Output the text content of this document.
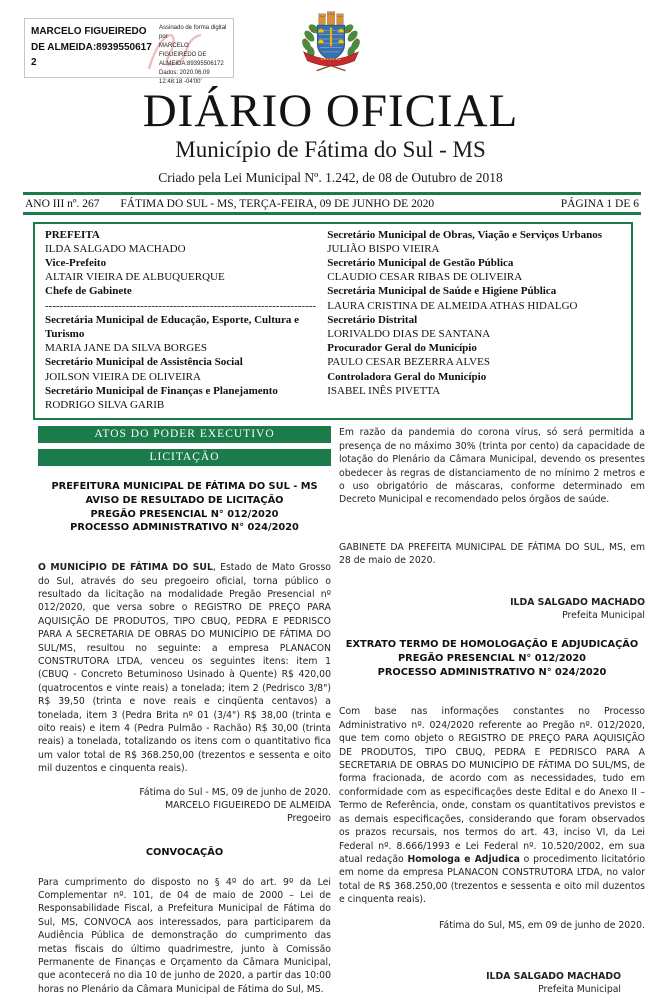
MARCELO FIGUEIREDO DE ALMEIDA:89395506172
Assinado de forma digital por
MARCELO FIGUEIREDO DE
ALMEIDA:89395506172
Dados: 2020.06.09 12:48:18 -04'00'
DIÁRIO OFICIAL
Município de Fátima do Sul - MS
Criado pela Lei Municipal Nº. 1.242, de 08 de Outubro de 2018
ANO III nº. 267 FÁTIMA DO SUL - MS, TERÇA-FEIRA, 09 DE JUNHO DE 2020	PÁGINA 1 DE 6
PREFEITA
ILDA SALGADO MACHADO
Vice-Prefeito
ALTAIR VIEIRA DE ALBUQUERQUE
Chefe de Gabinete
--------------------------------------------------------------------------
Secretária Municipal de Educação, Esporte, Cultura e Turismo
MARIA JANE DA SILVA BORGES
Secretário Municipal de Assistência Social
JOILSON VIEIRA DE OLIVEIRA
Secretário Municipal de Finanças e Planejamento
RODRIGO SILVA GARIB
Secretário Municipal de Obras, Viação e Serviços Urbanos
JULIÃO BISPO VIEIRA
Secretário Municipal de Gestão Pública
CLAUDIO CESAR RIBAS DE OLIVEIRA
Secretária Municipal de Saúde e Higiene Pública
LAURA CRISTINA DE ALMEIDA ATHAS HIDALGO
Secretário Distrital
LORIVALDO DIAS DE SANTANA
Procurador Geral do Município
PAULO CESAR BEZERRA ALVES
Controladora Geral do Município
ISABEL INÊS PIVETTA
ATOS DO PODER EXECUTIVO
LICITAÇÃO
PREFEITURA MUNICIPAL DE FÁTIMA DO SUL - MS
AVISO DE RESULTADO DE LICITAÇÃO
PREGÃO PRESENCIAL N° 012/2020
PROCESSO ADMINISTRATIVO N° 024/2020

O MUNICÍPIO DE FÁTIMA DO SUL, Estado de Mato Grosso do Sul, através do seu pregoeiro oficial, torna público o resultado da licitação na modalidade Pregão Presencial nº 012/2020, que versa sobre o REGISTRO DE PREÇO PARA AQUISIÇÃO DE PRODUTOS, TIPO CBUQ, PEDRA E PEDRISCO PARA A SECRETARIA DE OBRAS DO MUNICÍPIO DE FÁTIMA DO SUL/MS, resultou no seguinte: a empresa PLANACON CONSTRUTORA LTDA, venceu os seguintes itens: item 1 (CBUQ - Concreto Betuminoso Usinado à Quente) R$ 420,00 (quatrocentos e vinte reais) a tonelada; item 2 (Pedrisco 3/8") R$ 39,50 (trinta e nove reais e cinqüenta centavos) a tonelada, item 3 (Pedra Brita nº 01 (3/4") R$ 38,00 (trinta e oito reais) e item 4 (Pedra Pulmão - Rachão) R$ 30,00 (trinta reais) a tonelada, totalizando os itens com o quantitativo fica um valor total de R$ 368.250,00 (trezentos e sessenta e oito mil duzentos e cinquenta reais).

Fátima do Sul - MS, 09 de junho de 2020.
MARCELO FIGUEIREDO DE ALMEIDA
Pregoeiro
CONVOCAÇÃO

Para cumprimento do disposto no § 4º do art. 9º da Lei Complementar nº. 101, de 04 de maio de 2000 – Lei de Responsabilidade Fiscal, a Prefeitura Municipal de Fátima do Sul, MS, CONVOCA aos interessados, para participarem da Audiência Pública de demonstração do cumprimento das metas fiscais do último quadrimestre, junto à Comissão Permanente de Finanças e Orçamento da Câmara Municipal, que acontecerá no dia 10 de junho de 2020, a partir das 10:00 horas no Plenário da Câmara Municipal de Fátima do Sul, MS.

Em razão da pandemia do corona vírus, só será permitida a presença de no máximo 30% (trinta por cento) da capacidade de lotação do Plenário da Câmara Municipal, devendo os presentes obedecer às regras de distanciamento de no mínimo 2 metros e o uso obrigatório de máscaras, conforme determinado em Decreto Municipal e recomendado pelos órgãos de saúde.

GABINETE DA PREFEITA MUNICIPAL DE FÁTIMA DO SUL, MS, em 28 de maio de 2020.

ILDA SALGADO MACHADO
Prefeita Municipal
EXTRATO TERMO DE HOMOLOGAÇÃO E ADJUDICAÇÃO
PREGÃO PRESENCIAL N° 012/2020
PROCESSO ADMINISTRATIVO N° 024/2020

Com base nas informações constantes no Processo Administrativo nº. 024/2020 referente ao Pregão nº. 012/2020, que tem como objeto o REGISTRO DE PREÇO PARA AQUISIÇÃO DE PRODUTOS, TIPO CBUQ, PEDRA E PEDRISCO PARA A SECRETARIA DE OBRAS DO MUNICÍPIO DE FÁTIMA DO SUL/MS, de forma fracionada, de acordo com as necessidades, tudo em conformidade com as especificações deste Edital e do Anexo II – Termo de Referência, onde, constam os quantitativos previstos e as demais especificações, considerando que foram observados os prazos recursais, nos termos do art. 43, inciso VI, da Lei Federal nº. 8.666/1993 e Lei Federal nº. 10.520/2002, em sua atual redação Homologa e Adjudica o procedimento licitatório em nome da empresa PLANACON CONSTRUTORA LTDA, no valor total de R$ 368.250,00 (trezentos e sessenta e oito mil duzentos e cinquenta reais).

Fátima do Sul, MS, em 09 de junho de 2020.
ILDA SALGADO MACHADO
Prefeita Municipal
